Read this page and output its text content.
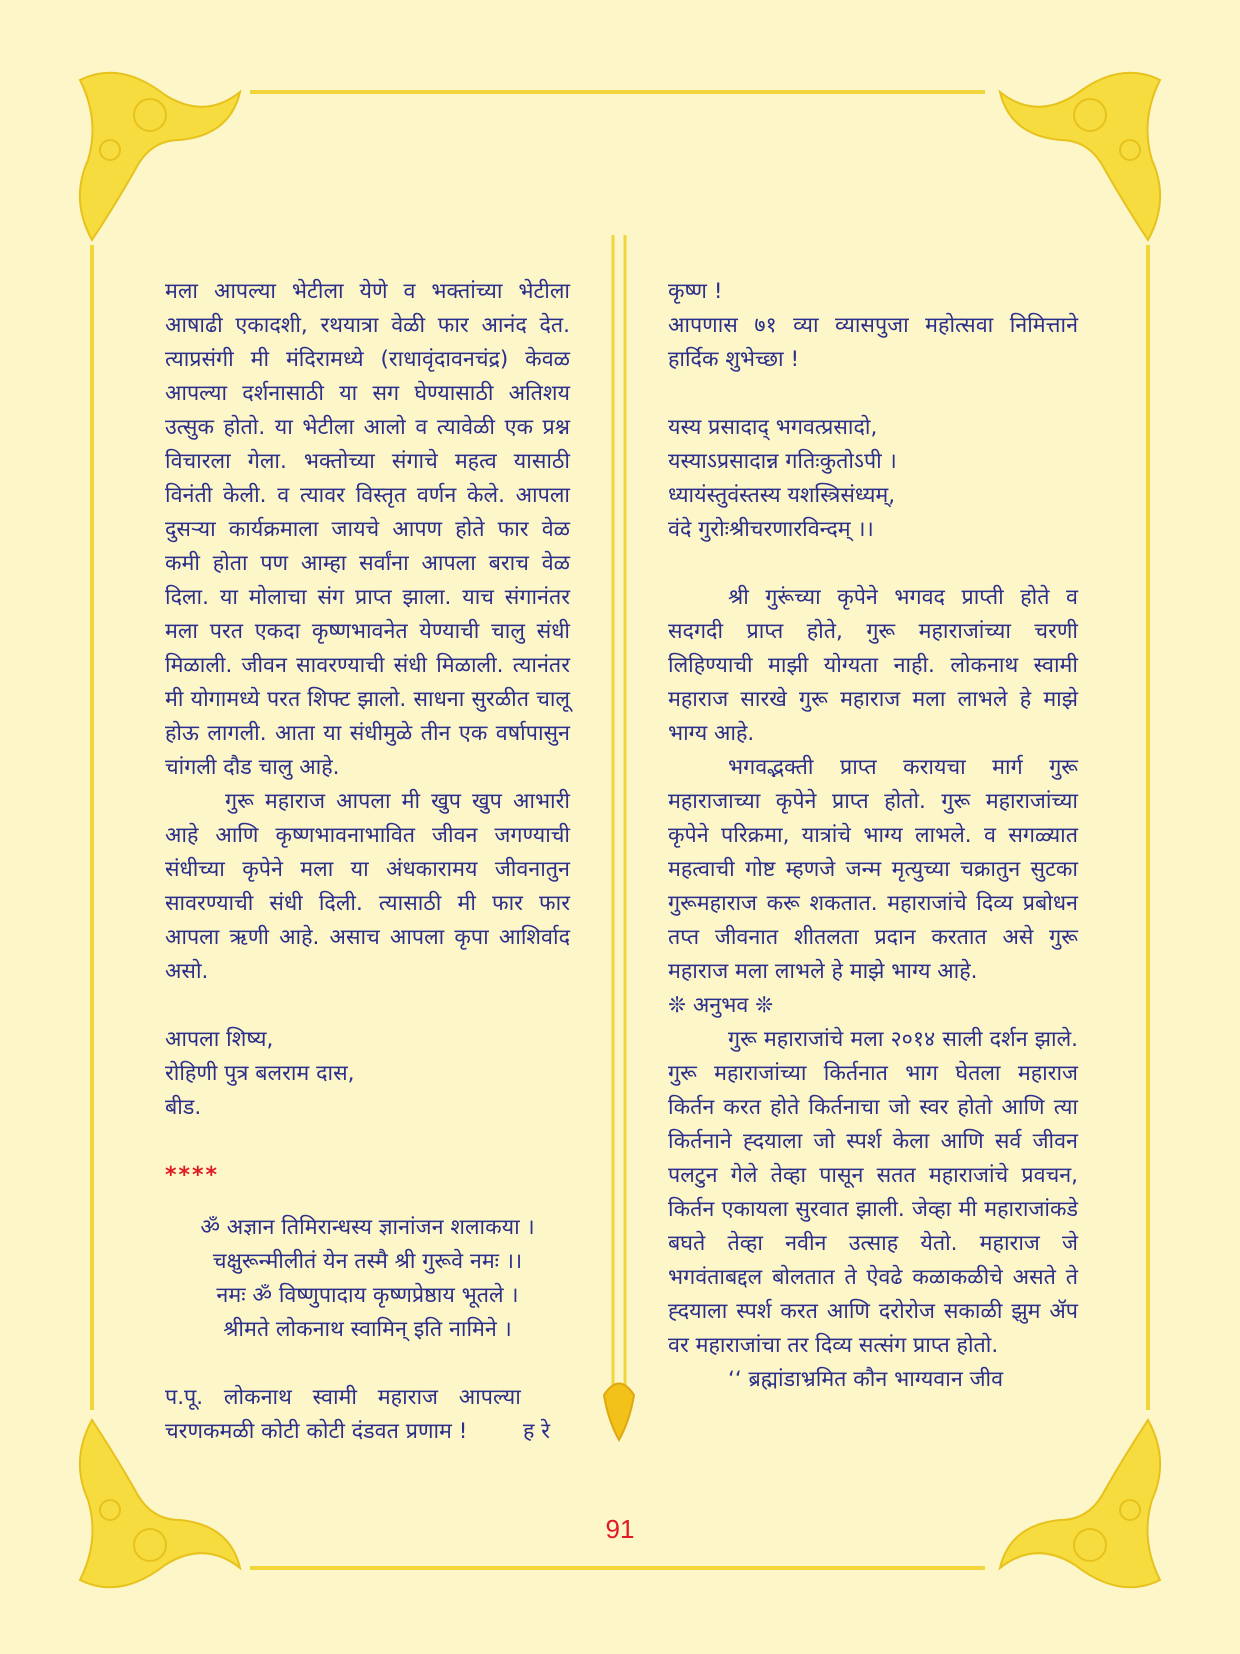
मला आपल्या भेटीला येणे व भक्तांच्या भेटीला आषाढी एकादशी, रथयात्रा वेळी फार आनंद देत. त्याप्रसंगी मी मंदिरामध्ये (राधावृंदावनचंद्र) केवळ आपल्या दर्शनासाठी या सग घेण्यासाठी अतिशय उत्सुक होतो. या भेटीला आलो व त्यावेळी एक प्रश्न विचारला गेला. भक्तोच्या संगाचे महत्व यासाठी विनंती केली. व त्यावर विस्तृत वर्णन केले. आपला दुसऱ्या कार्यक्रमाला जायचे आपण होते फार वेळ कमी होता पण आम्हा सर्वांना आपला बराच वेळ दिला. या मोलाचा संग प्राप्त झाला. याच संगानंतर मला परत एकदा कृष्णभावनेत येण्याची चालु संधी मिळाली. जीवन सावरण्याची संधी मिळाली. त्यानंतर मी योगामध्ये परत शिफ्ट झालो. साधना सुरळीत चालू होऊ लागली. आता या संधीमुळे तीन एक वर्षापासुन चांगली दौड चालु आहे.

गुरू महाराज आपला मी खुप खुप आभारी आहे आणि कृष्णभावनाभावित जीवन जगण्याची संधीच्या कृपेने मला या अंधकारामय जीवनातुन सावरण्याची संधी दिली. त्यासाठी मी फार फार आपला ऋणी आहे. असाच आपला कृपा आशिर्वाद असो.

आपला शिष्य,

रोहिणी पुत्र बलराम दास,

बीड.

****

ॐ अज्ञान तिमिरान्धस्य ज्ञानांजन शलाकया ।

चक्षुरून्मीलीतं येन तस्मै श्री गुरूवे नमः ।।

नमः ॐ विष्णुपादाय कृष्णप्रेष्ठाय भूतले ।

श्रीमते लोकनाथ स्वामिन् इति नामिने ।

प.पू. लोकनाथ स्वामी महाराज आपल्या

चरणकमळी कोटी कोटी दंडवत प्रणाम !	ह रे

कृष्ण !

आपणास ७१ व्या व्यासपुजा महोत्सवा निमित्ताने हार्दिक शुभेच्छा !

यस्य प्रसादाद् भगवत्प्रसादो,

यस्याऽप्रसादान्न गतिःकुतोऽपी ।

ध्यायंस्तुवंस्तस्य यशस्त्रिसंध्यम्,

वंदे गुरोःश्रीचरणारविन्दम् ।।

श्री गुरूंच्या कृपेने भगवद प्राप्ती होते व सदगदी प्राप्त होते, गुरू महाराजांच्या चरणी लिहिण्याची माझी योग्यता नाही. लोकनाथ स्वामी महाराज सारखे गुरू महाराज मला लाभले हे माझे भाग्य आहे.

भगवद्भक्ती प्राप्त करायचा मार्ग गुरू महाराजाच्या कृपेने प्राप्त होतो. गुरू महाराजांच्या कृपेने परिक्रमा, यात्रांचे भाग्य लाभले. व सगळ्यात महत्वाची गोष्ट म्हणजे जन्म मृत्युच्या चक्रातुन सुटका गुरूमहाराज करू शकतात. महाराजांचे दिव्य प्रबोधन तप्त जीवनात शीतलता प्रदान करतात असे गुरू महाराज मला लाभले हे माझे भाग्य आहे.

❊ अनुभव ❊

गुरू महाराजांचे मला २०१४ साली दर्शन झाले. गुरू महाराजांच्या किर्तनात भाग घेतला महाराज किर्तन करत होते किर्तनाचा जो स्वर होतो आणि त्या किर्तनाने ह्दयाला जो स्पर्श केला आणि सर्व जीवन पलटुन गेले तेव्हा पासून सतत महाराजांचे प्रवचन, किर्तन एकायला सुरवात झाली. जेव्हा मी महाराजांकडे बघते तेव्हा नवीन उत्साह येतो. महाराज जे भगवंताबद्दल बोलतात ते ऐवढे कळाकळीचे असते ते ह्दयाला स्पर्श करत आणि दरोरोज सकाळी झुम ॲप वर महाराजांचा तर दिव्य सत्संग प्राप्त होतो.

‘‘ ब्रह्मांडाभ्रमित कौन भाग्यवान जीव

91
